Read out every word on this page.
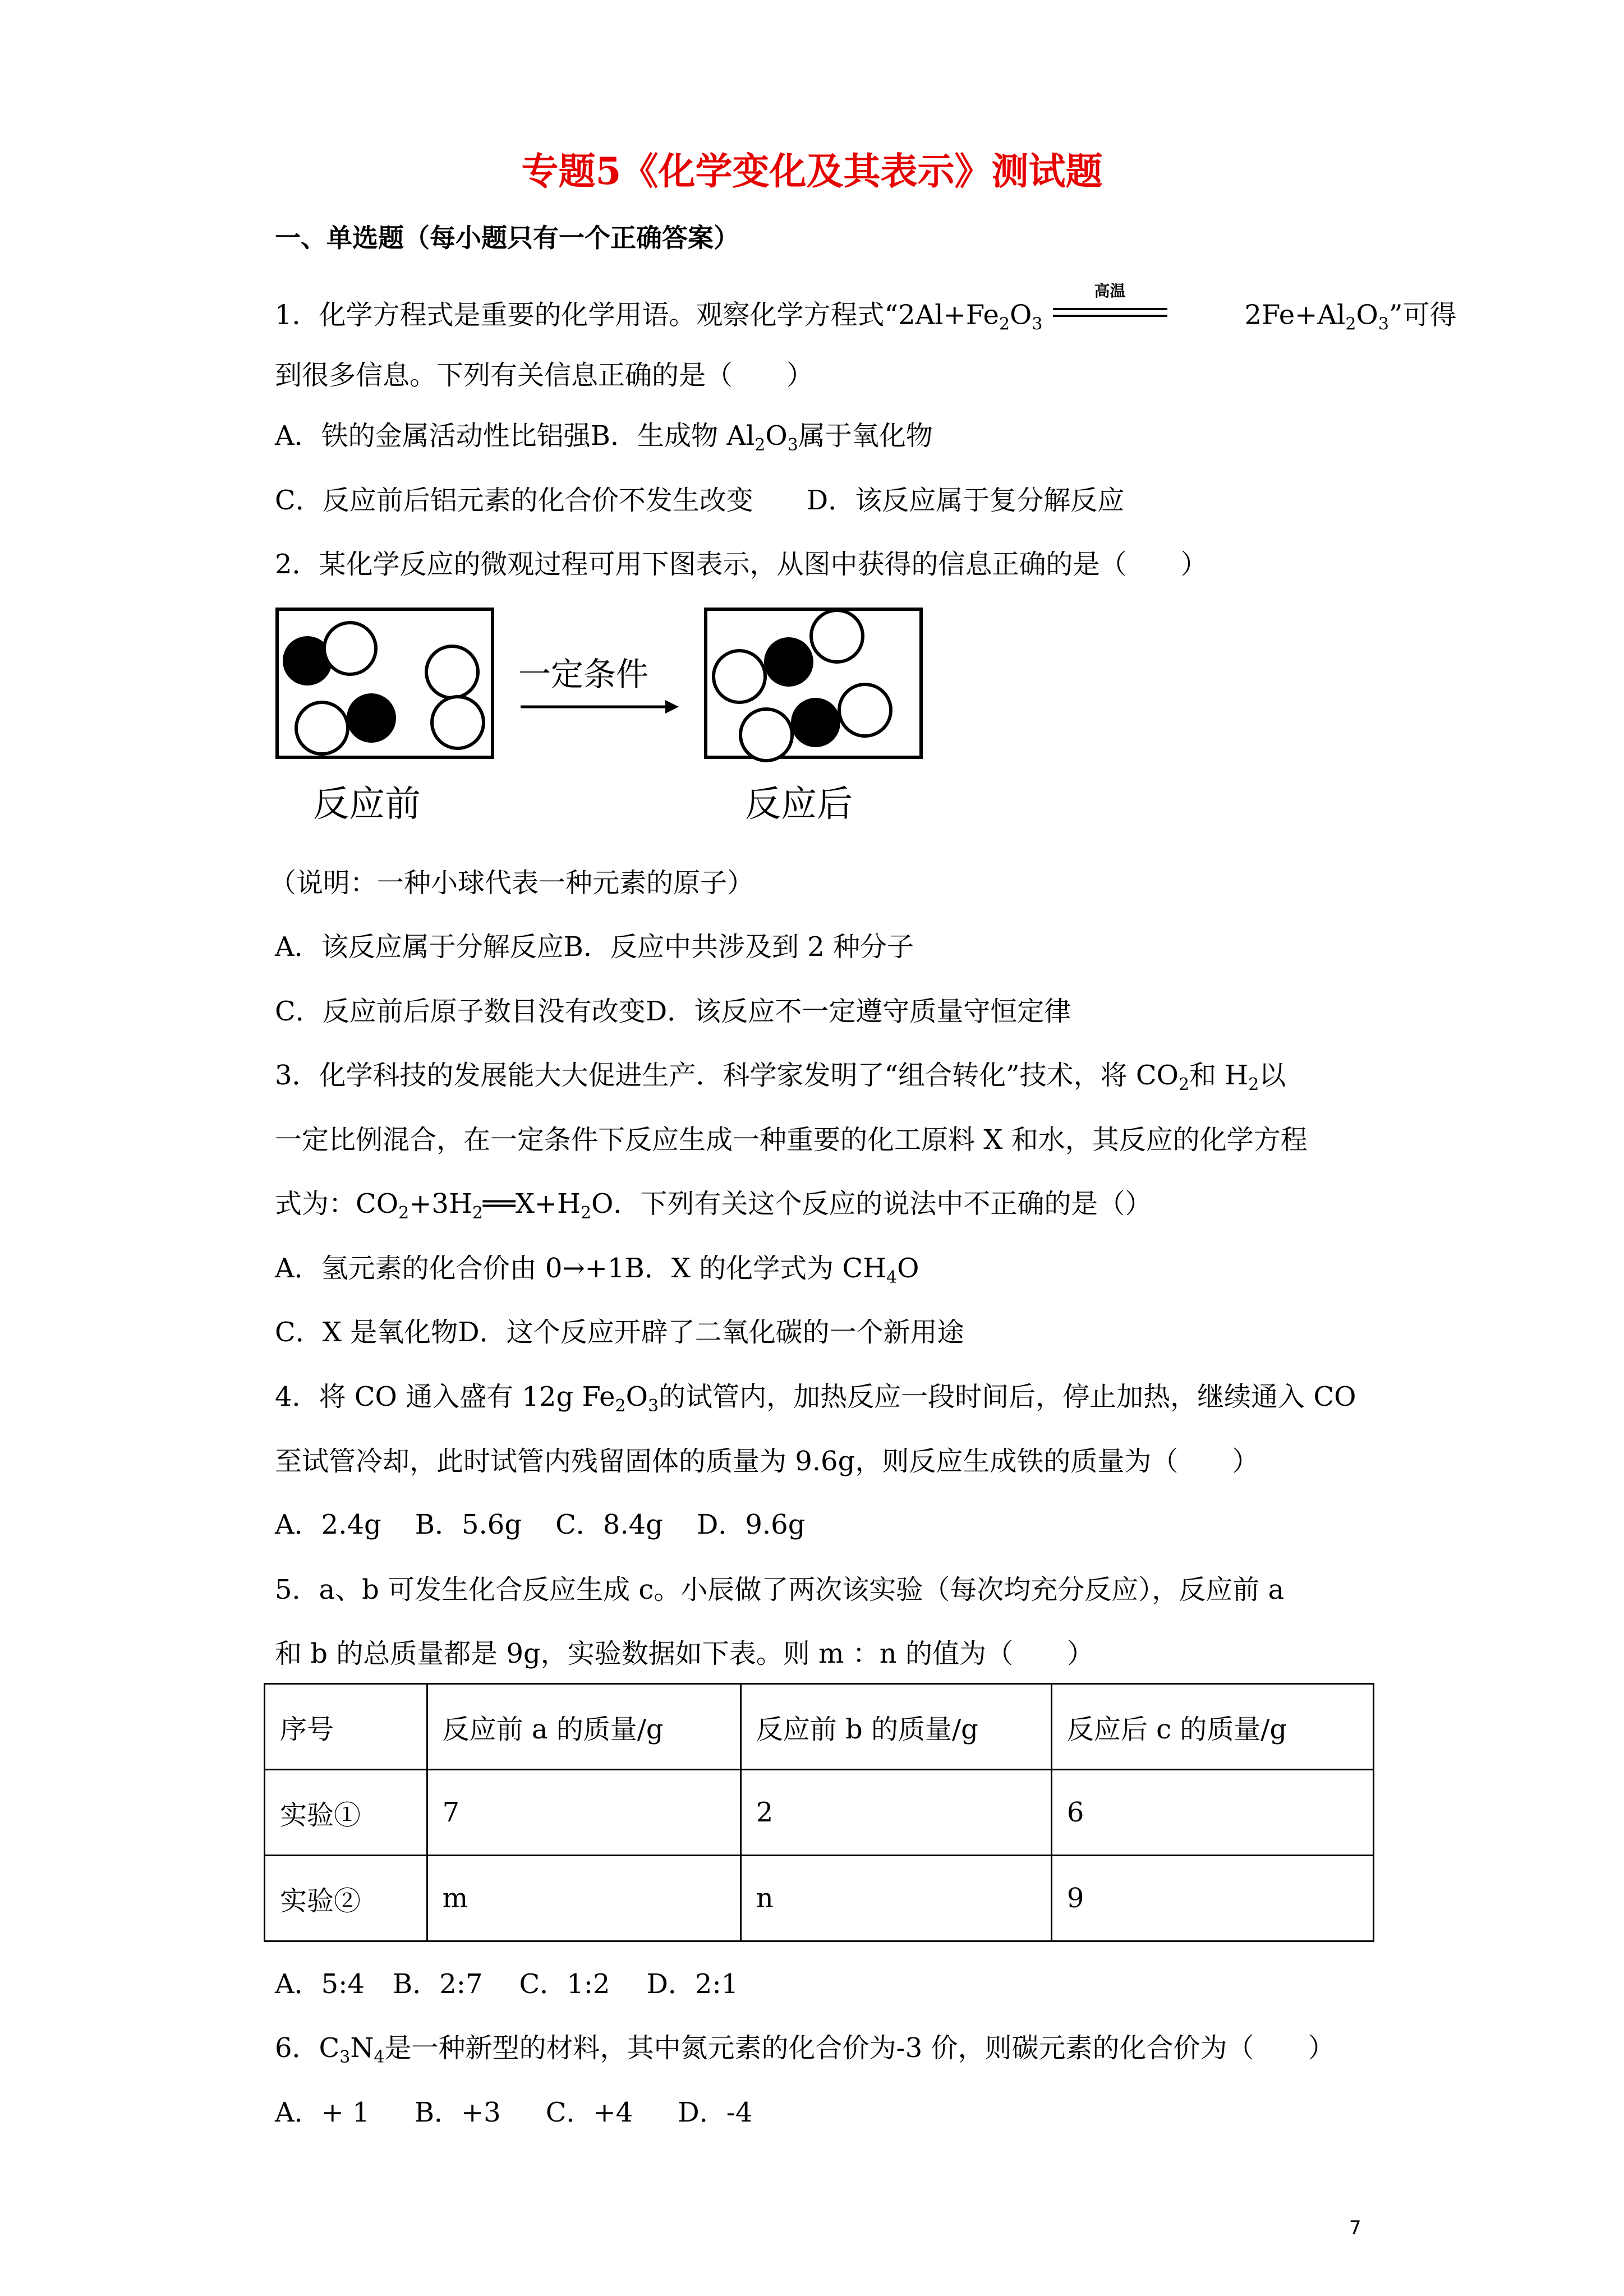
专题5《化学变化及其表示》测试题
一、单选题（每小题只有一个正确答案）
1．化学方程式是重要的化学用语。观察化学方程式“$2Al+Fe_2O_3$
高温
$2Fe+Al_2O_3$”可得
到很多信息。下列有关信息正确的是（　　）
A．铁的金属活动性比铝强B．生成物 $Al_2O_3$属于氧化物
C．反应前后铝元素的化合价不发生改变 D．该反应属于复分解反应
2．某化学反应的微观过程可用下图表示，从图中获得的信息正确的是（　　）
一定条件
反应前	反应后
（说明：一种小球代表一种元素的原子）
A．该反应属于分解反应B．反应中共涉及到 2 种分子
C．反应前后原子数目没有改变D．该反应不一定遵守质量守恒定律
3．化学科技的发展能大大促进生产．科学家发明了“组合转化”技术，将 $CO_2$和 $H_2$以
一定比例混合，在一定条件下反应生成一种重要的化工原料 X 和水，其反应的化学方程
式为：$CO_2+3H_2══X+H_2O$．下列有关这个反应的说法中不正确的是（）
A．氢元素的化合价由 0→+1B．X 的化学式为 $CH_4O$
C．X 是氧化物D．这个反应开辟了二氧化碳的一个新用途
4．将 CO 通入盛有 12g $Fe_2O_3$的试管内，加热反应一段时间后，停止加热，继续通入 CO
至试管冷却，此时试管内残留固体的质量为 9.6g，则反应生成铁的质量为（　　）
A．2.4g B．5.6g C．8.4g D．9.6g
5．a、b 可发生化合反应生成 c。小辰做了两次该实验（每次均充分反应），反应前 a
和 b 的总质量都是 9g，实验数据如下表。则 m ：n 的值为（　　）
序号	反应前 a 的质量/g	反应前 b 的质量/g	反应后 c 的质量/g
实验①	7	2	6
实验②	m	n	9
A．5:4 B．2:7 C．1:2 D．2:1
6．$C_3N_4$是一种新型的材料，其中氮元素的化合价为-3 价，则碳元素的化合价为（　　）
A．+ 1 B．+3 C．+4 D．-4
7
